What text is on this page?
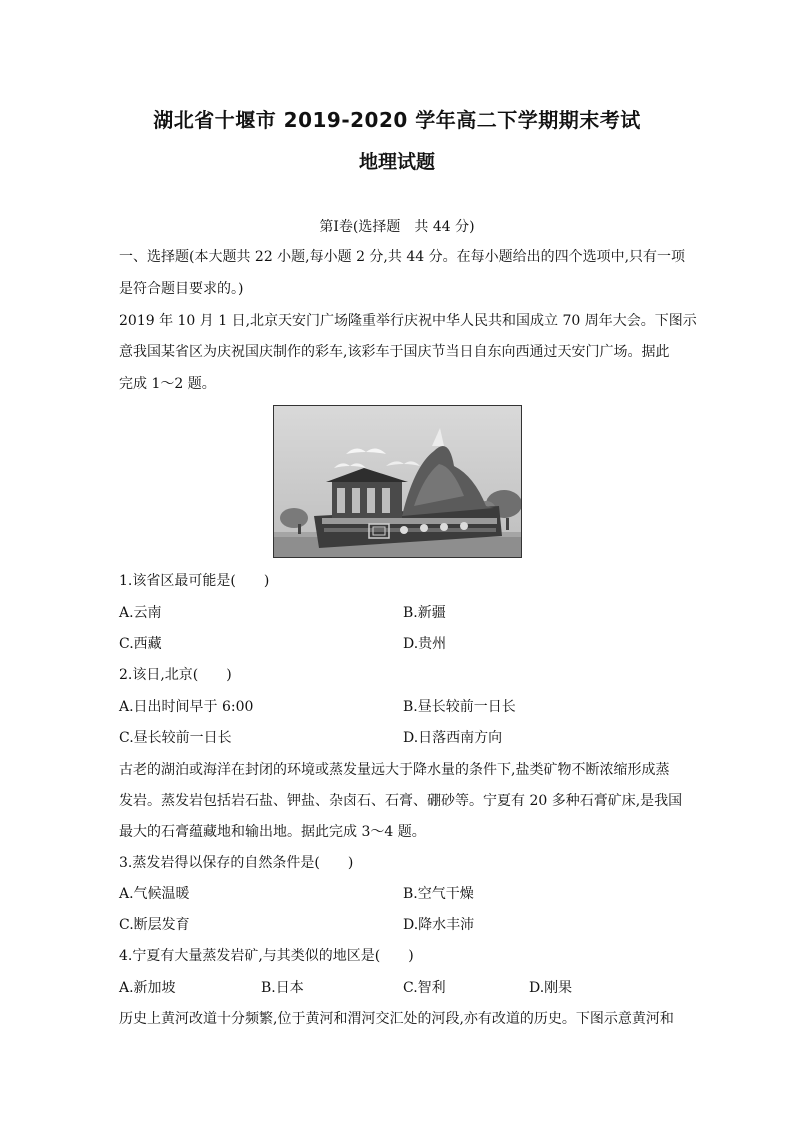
湖北省十堰市 2019-2020 学年高二下学期期末考试
地理试题
第Ⅰ卷(选择题　共 44 分)
一、选择题(本大题共 22 小题,每小题 2 分,共 44 分。在每小题给出的四个选项中,只有一项
是符合题目要求的。)
2019 年 10 月 1 日,北京天安门广场隆重举行庆祝中华人民共和国成立 70 周年大会。下图示
意我国某省区为庆祝国庆制作的彩车,该彩车于国庆节当日自东向西通过天安门广场。据此
完成 1～2 题。
1.该省区最可能是(　　)
A.云南	B.新疆
C.西藏	D.贵州
2.该日,北京(　　)
A.日出时间早于 6:00	B.昼长较前一日长
C.昼长较前一日长	D.日落西南方向
古老的湖泊或海洋在封闭的环境或蒸发量远大于降水量的条件下,盐类矿物不断浓缩形成蒸
发岩。蒸发岩包括岩石盐、钾盐、杂卤石、石膏、硼砂等。宁夏有 20 多种石膏矿床,是我国
最大的石膏蕴藏地和输出地。据此完成 3～4 题。
3.蒸发岩得以保存的自然条件是(　　)
A.气候温暖	B.空气干燥
C.断层发育	D.降水丰沛
4.宁夏有大量蒸发岩矿,与其类似的地区是(　　)
A.新加坡	B.日本	C.智利	D.刚果
历史上黄河改道十分频繁,位于黄河和渭河交汇处的河段,亦有改道的历史。下图示意黄河和
